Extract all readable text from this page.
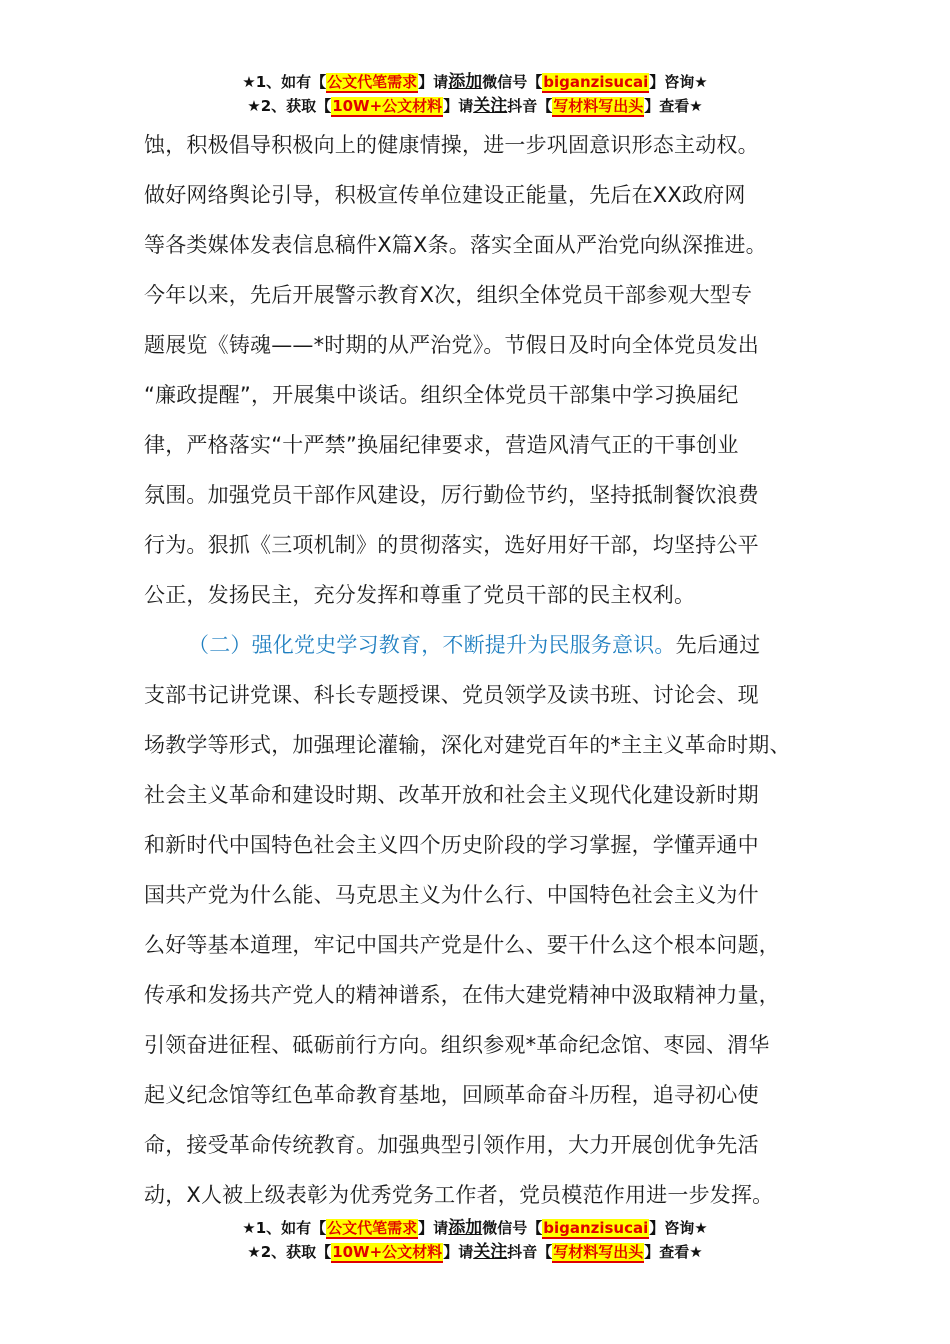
★1、如有【公文代笔需求】请添加微信号【biganzisucai】咨询★
★2、获取【10W+公文材料】请关注抖音【写材料写出头】查看★
蚀，积极倡导积极向上的健康情操，进一步巩固意识形态主动权。
做好网络舆论引导，积极宣传单位建设正能量，先后在XX政府网
等各类媒体发表信息稿件X篇X条。落实全面从严治党向纵深推进。
今年以来，先后开展警示教育X次，组织全体党员干部参观大型专
题展览《铸魂——*时期的从严治党》。节假日及时向全体党员发出
“廉政提醒”，开展集中谈话。组织全体党员干部集中学习换届纪
律，严格落实“十严禁”换届纪律要求，营造风清气正的干事创业
氛围。加强党员干部作风建设，厉行勤俭节约，坚持抵制餐饮浪费
行为。狠抓《三项机制》的贯彻落实，选好用好干部，均坚持公平
公正，发扬民主，充分发挥和尊重了党员干部的民主权利。
（二）强化党史学习教育，不断提升为民服务意识。先后通过
支部书记讲党课、科长专题授课、党员领学及读书班、讨论会、现
场教学等形式，加强理论灌输，深化对建党百年的*主主义革命时期、
社会主义革命和建设时期、改革开放和社会主义现代化建设新时期
和新时代中国特色社会主义四个历史阶段的学习掌握，学懂弄通中
国共产党为什么能、马克思主义为什么行、中国特色社会主义为什
么好等基本道理，牢记中国共产党是什么、要干什么这个根本问题，
传承和发扬共产党人的精神谱系，在伟大建党精神中汲取精神力量，
引领奋进征程、砥砺前行方向。组织参观*革命纪念馆、枣园、渭华
起义纪念馆等红色革命教育基地，回顾革命奋斗历程，追寻初心使
命，接受革命传统教育。加强典型引领作用，大力开展创优争先活
动，X人被上级表彰为优秀党务工作者，党员模范作用进一步发挥。
★1、如有【公文代笔需求】请添加微信号【biganzisucai】咨询★
★2、获取【10W+公文材料】请关注抖音【写材料写出头】查看★
